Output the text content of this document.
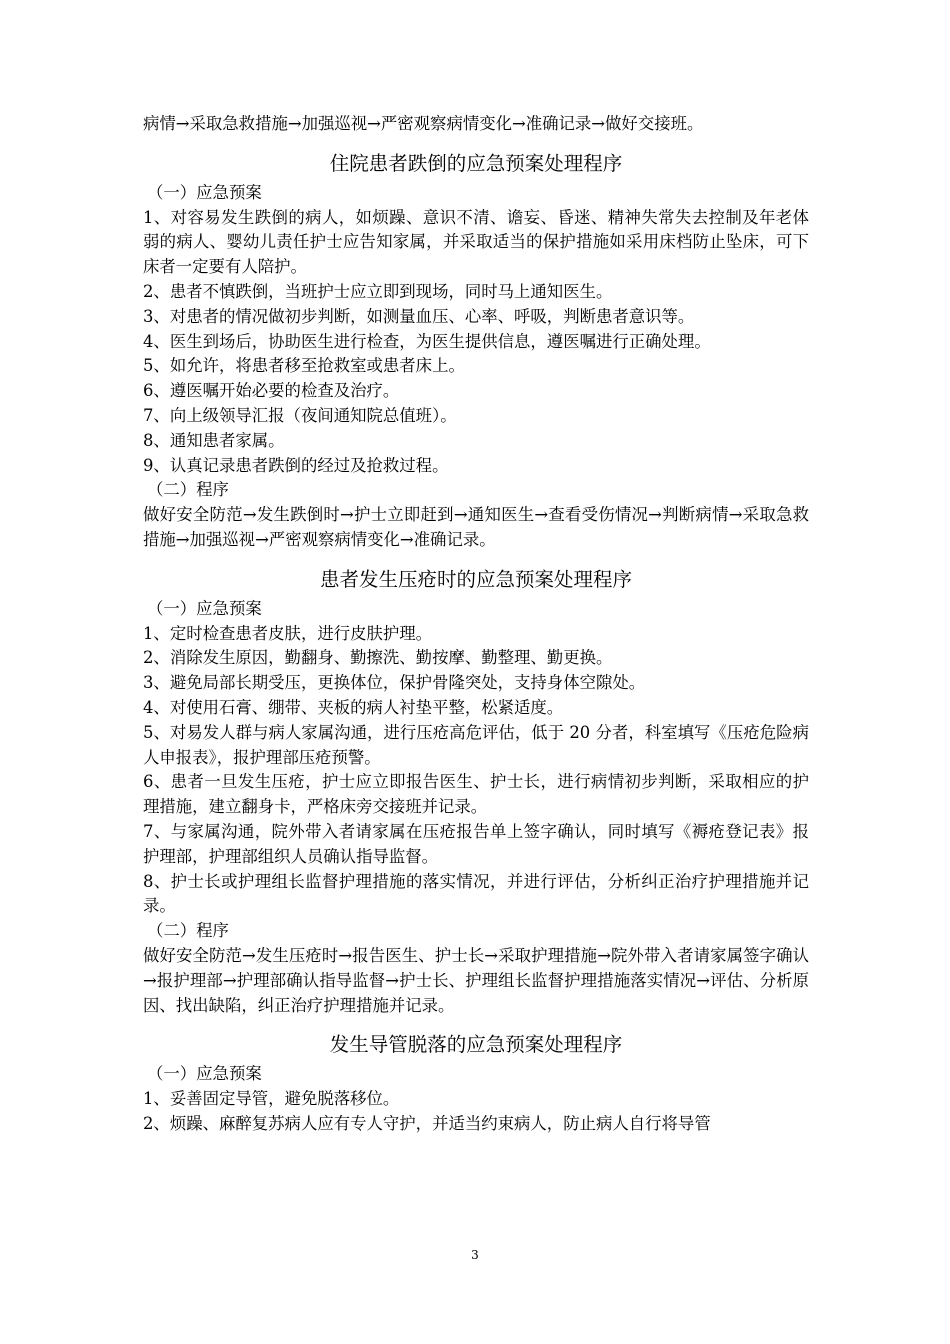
病情→采取急救措施→加强巡视→严密观察病情变化→准确记录→做好交接班。

住院患者跌倒的应急预案处理程序

（一）应急预案

1、对容易发生跌倒的病人，如烦躁、意识不清、谵妄、昏迷、精神失常失去控制及年老体弱的病人、婴幼儿责任护士应告知家属，并采取适当的保护措施如采用床档防止坠床，可下床者一定要有人陪护。

2、患者不慎跌倒，当班护士应立即到现场，同时马上通知医生。

3、对患者的情况做初步判断，如测量血压、心率、呼吸，判断患者意识等。

4、医生到场后，协助医生进行检查，为医生提供信息，遵医嘱进行正确处理。

5、如允许，将患者移至抢救室或患者床上。

6、遵医嘱开始必要的检查及治疗。

7、向上级领导汇报（夜间通知院总值班）。

8、通知患者家属。

9、认真记录患者跌倒的经过及抢救过程。

（二）程序

做好安全防范→发生跌倒时→护士立即赶到→通知医生→查看受伤情况→判断病情→采取急救措施→加强巡视→严密观察病情变化→准确记录。

患者发生压疮时的应急预案处理程序

（一）应急预案

1、定时检查患者皮肤，进行皮肤护理。

2、消除发生原因，勤翻身、勤擦洗、勤按摩、勤整理、勤更换。

3、避免局部长期受压，更换体位，保护骨隆突处，支持身体空隙处。

4、对使用石膏、绷带、夹板的病人衬垫平整，松紧适度。

5、对易发人群与病人家属沟通，进行压疮高危评估，低于 20 分者，科室填写《压疮危险病人申报表》，报护理部压疮预警。

6、患者一旦发生压疮，护士应立即报告医生、护士长，进行病情初步判断，采取相应的护理措施，建立翻身卡，严格床旁交接班并记录。

7、与家属沟通，院外带入者请家属在压疮报告单上签字确认，同时填写《褥疮登记表》报护理部，护理部组织人员确认指导监督。

8、护士长或护理组长监督护理措施的落实情况，并进行评估，分析纠正治疗护理措施并记录。

（二）程序

做好安全防范→发生压疮时→报告医生、护士长→采取护理措施→院外带入者请家属签字确认→报护理部→护理部确认指导监督→护士长、护理组长监督护理措施落实情况→评估、分析原因、找出缺陷，纠正治疗护理措施并记录。

发生导管脱落的应急预案处理程序

（一）应急预案

1、妥善固定导管，避免脱落移位。

2、烦躁、麻醉复苏病人应有专人守护，并适当约束病人，防止病人自行将导管

3
